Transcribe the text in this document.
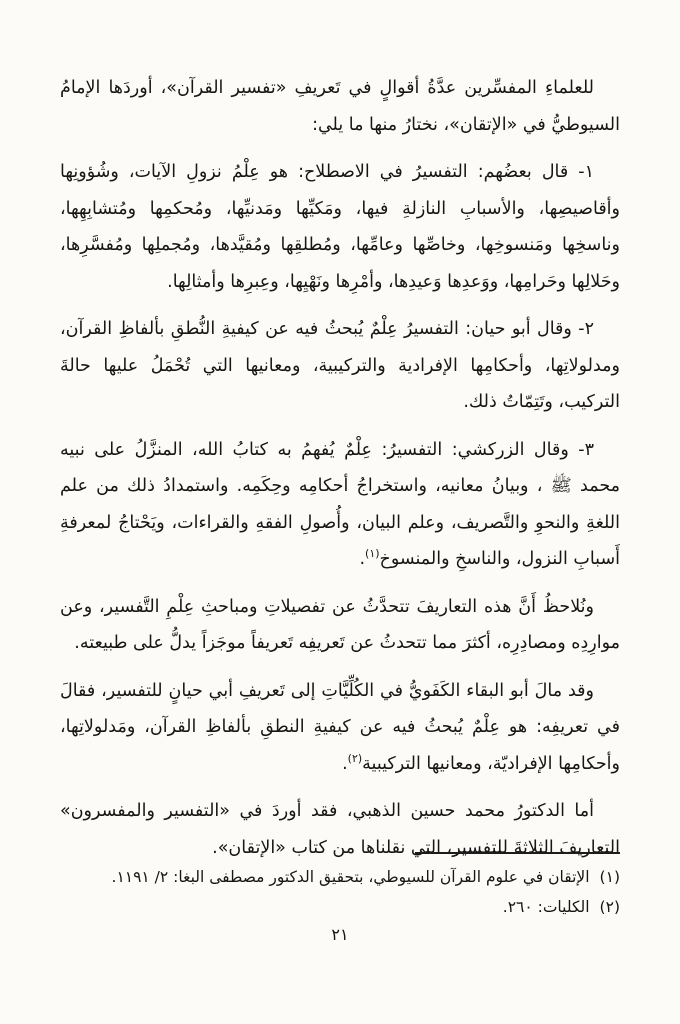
للعلماءِ المفسِّرين عدَّةُ أقوالٍ في تَعريفِ «تفسير القرآن»، أوردَها الإمامُ السيوطيُّ في «الإتقان»، نختارُ منها ما يلي:

١- قال بعضُهم: التفسيرُ في الاصطلاح: هو عِلْمُ نزولِ الآيات، وشُؤونِها وأقاصيصِها، والأسبابِ النازلةِ فيها، ومَكيِّها ومَدنيِّها، ومُحكمِها ومُتشابِهِها، وناسخِها ومَنسوخِها، وخاصِّها وعامِّها، ومُطلقِها ومُقيَّدها، ومُجملِها ومُفسَّرِها، وحَلالِها وحَرامِها، ووَعدِها وَعيدِها، وأمْرِها ونَهْيِها، وعِبرِها وأمثالِها.

٢- وقال أبو حيان: التفسيرُ عِلْمٌ يُبحثُ فيه عن كيفيةِ النُّطقِ بألفاظِ القرآن، ومدلولاتِها، وأحكامِها الإفرادية والتركيبية، ومعانيها التي تُحْمَلُ عليها حالةَ التركيب، وتَتِمّاتُ ذلك.

٣- وقال الزركشي: التفسيرُ: عِلْمٌ يُفهمُ به كتابُ الله، المنزَّلُ على نبيه محمد ﷺ ، وبيانُ معانيه، واستخراجُ أحكامِه وحِكَمِه. واستمدادُ ذلك من علم اللغةِ والنحوِ والتَّصريف، وعلم البيان، وأُصولِ الفقهِ والقراءات، ويَحْتاجُ لمعرفةِ أَسبابِ النزول، والناسخِ والمنسوخ$^{(١)}$.

ونُلاحظُ أَنَّ هذه التعاريفَ تتحدَّثُ عن تفصيلاتِ ومباحثِ عِلْمِ التَّفسير، وعن موارِدِه ومصادِرِه، أكثرَ مما تتحدثُ عن تَعريفِه تَعريفاً موجَزاً يدلُّ على طبيعته.

وقد مالَ أبو البقاء الكَفَويُّ في الكُلِّيَّاتِ إلى تَعريفِ أبي حيانٍ للتفسير، فقالَ في تعريفِه: هو عِلْمٌ يُبحثُ فيه عن كيفيةِ النطقِ بألفاظِ القرآن، ومَدلولاتِها، وأحكامِها الإفراديّة، ومعانيها التركيبية$^{(٢)}$.

أما الدكتورُ محمد حسين الذهبي، فقد أوردَ في «التفسير والمفسرون» التعاريفَ الثلاثةَ للتفسير، التي نقلناها من كتاب «الإتقان».

(١)
الإتقان في علوم القرآن للسيوطي، بتحقيق الدكتور مصطفى البغا: ٢/ ١١٩١.
(٢)
الكليات: ٢٦٠.
٢١
